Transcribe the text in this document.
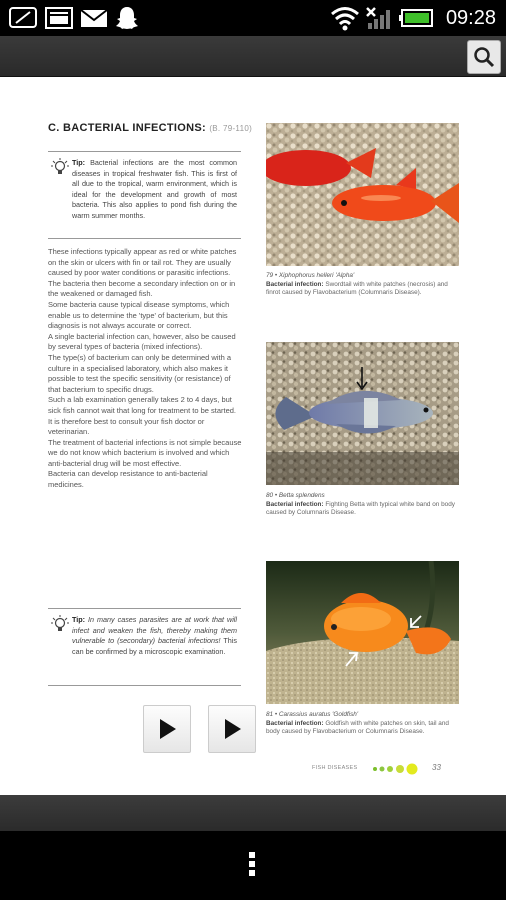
09:28
C. BACTERIAL INFECTIONS: (B. 79-110)
Tip: Bacterial infections are the most common diseases in tropical freshwater fish. This is first of all due to the tropical, warm environment, which is ideal for the development and growth of most bacteria. This also applies to pond fish during the warm summer months.

These infections typically appear as red or white patches on the skin or ulcers with fin or tail rot. They are usually caused by poor water conditions or parasitic infections. The bacteria then become a secondary infection on or in the weakened or damaged fish.

Some bacteria cause typical disease symptoms, which enable us to determine the 'type' of bacterium, but this diagnosis is not always accurate or correct.

A single bacterial infection can, however, also be caused by several types of bacteria (mixed infections).

The type(s) of bacterium can only be determined with a culture in a specialised laboratory, which also makes it possible to test the specific sensitivity (or resistance) of that bacterium to specific drugs.

Such a lab examination generally takes 2 to 4 days, but sick fish cannot wait that long for treatment to be started.

It is therefore best to consult your fish doctor or veterinarian.

The treatment of bacterial infections is not simple because we do not know which bacterium is involved and which anti-bacterial drug will be most effective.

Bacteria can develop resistance to anti-bacterial medicines.

Tip: In many cases parasites are at work that will infect and weaken the fish, thereby making them vulnerable to (secondary) bacterial infections! This can be confirmed by a microscopic examination.
79 • Xiphophorus helleri 'Alpha'
Bacterial infection: Swordtail with white patches (necrosis) and finrot caused by Flavobacterium (Columnaris Disease).
80 • Betta splendens
Bacterial infection: Fighting Betta with typical white band on body caused by Columnaris Disease.
81 • Carassius auratus 'Goldfish'
Bacterial infection: Goldfish with white patches on skin, tail and body caused by Flavobacterium or Columnaris Disease.
FISH DISEASES	33
